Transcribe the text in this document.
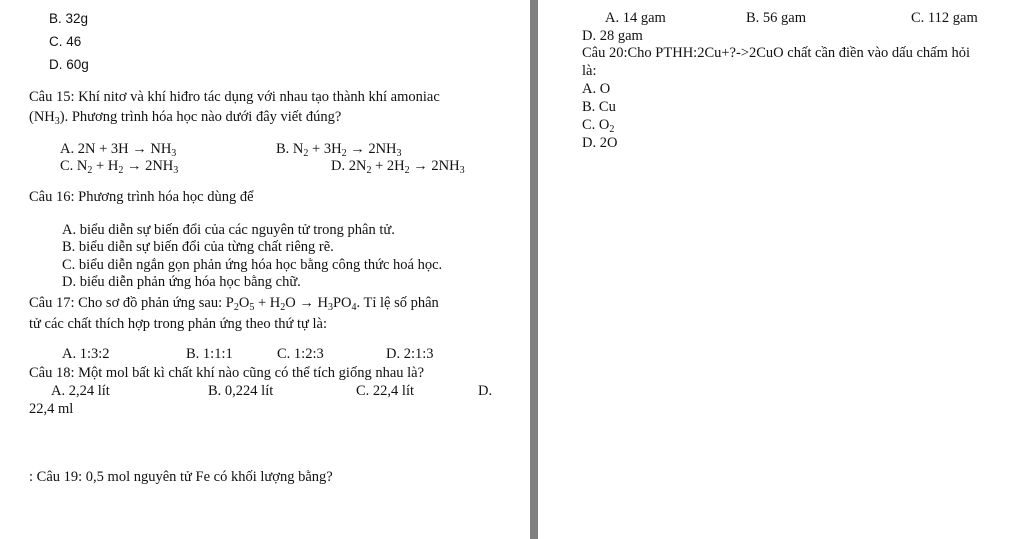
B. 32g
C. 46
D. 60g
Câu 15: Khí nitơ và khí hiđro tác dụng với nhau tạo thành khí amoniac
$(NH_3)$. Phương trình hóa học nào dưới đây viết đúng?
A. $2N + 3H \to NH_3$	B. $N_2 + 3H_2 \to 2NH_3$
C. $N_2 + H_2 \to 2NH_3$	D. $2N_2 + 2H_2 \to 2NH_3$
Câu 16: Phương trình hóa học dùng để
A. biểu diễn sự biến đổi của các nguyên tử trong phân tử.
B. biểu diễn sự biến đổi của từng chất riêng rẽ.
C. biểu diễn ngắn gọn phản ứng hóa học bằng công thức hoá học.
D. biểu diễn phản ứng hóa học bằng chữ.
Câu 17: Cho sơ đồ phản ứng sau: $P_2O_5 + H_2O \to H_3PO_4$. Tỉ lệ số phân
tử các chất thích hợp trong phản ứng theo thứ tự là:
A. 1:3:2	B. 1:1:1	C. 1:2:3	D. 2:1:3
Câu 18: Một mol bất kì chất khí nào cũng có thể tích giống nhau là?
A. 2,24 lít	B. 0,224 lít	C. 22,4 lít	D.
22,4 ml
: Câu 19: 0,5 mol nguyên tử Fe có khối lượng bằng?
A. 14 gam	B. 56 gam	C. 112 gam
D. 28 gam
Câu 20:Cho PTHH:2Cu+?->2CuO chất cần điền vào dấu chấm hỏi
là:
A. O
B. Cu
C. $O_2$
D. 2O
